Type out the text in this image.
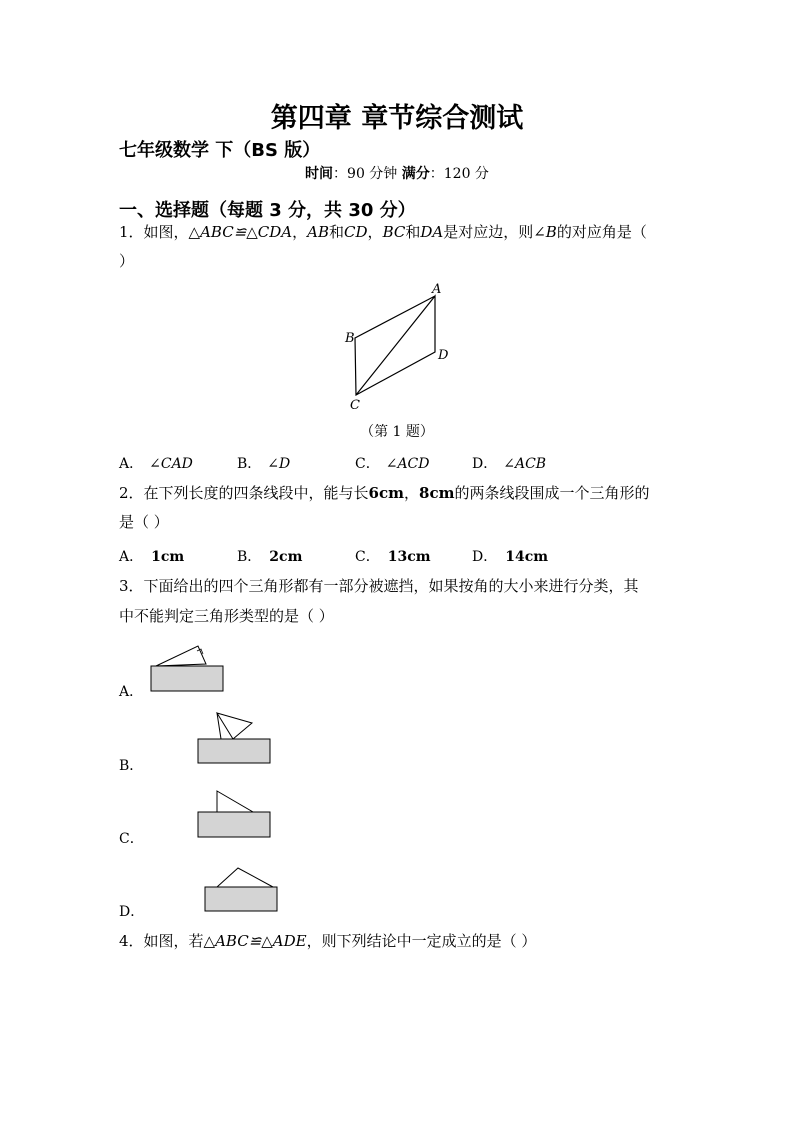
第四章 章节综合测试
七年级数学 下（BS 版）
时间：90 分钟 满分：120 分
一、选择题（每题 3 分，共 30 分）
1．如图，△ABC≌△CDA，AB和CD，BC和DA是对应边，则∠B的对应角是（
）
A
B
C
D
（第 1 题）
A． ∠CAD	B． ∠D	C． ∠ACD	D． ∠ACB
2．在下列长度的四条线段中，能与长6cm，8cm的两条线段围成一个三角形的
是（ ）
A． 1cm	B． 2cm	C． 13cm	D． 14cm
3．下面给出的四个三角形都有一部分被遮挡，如果按角的大小来进行分类，其
中不能判定三角形类型的是（ ）
A．
B．
C．
D．
4．如图，若△ABC≌△ADE，则下列结论中一定成立的是（ ）
